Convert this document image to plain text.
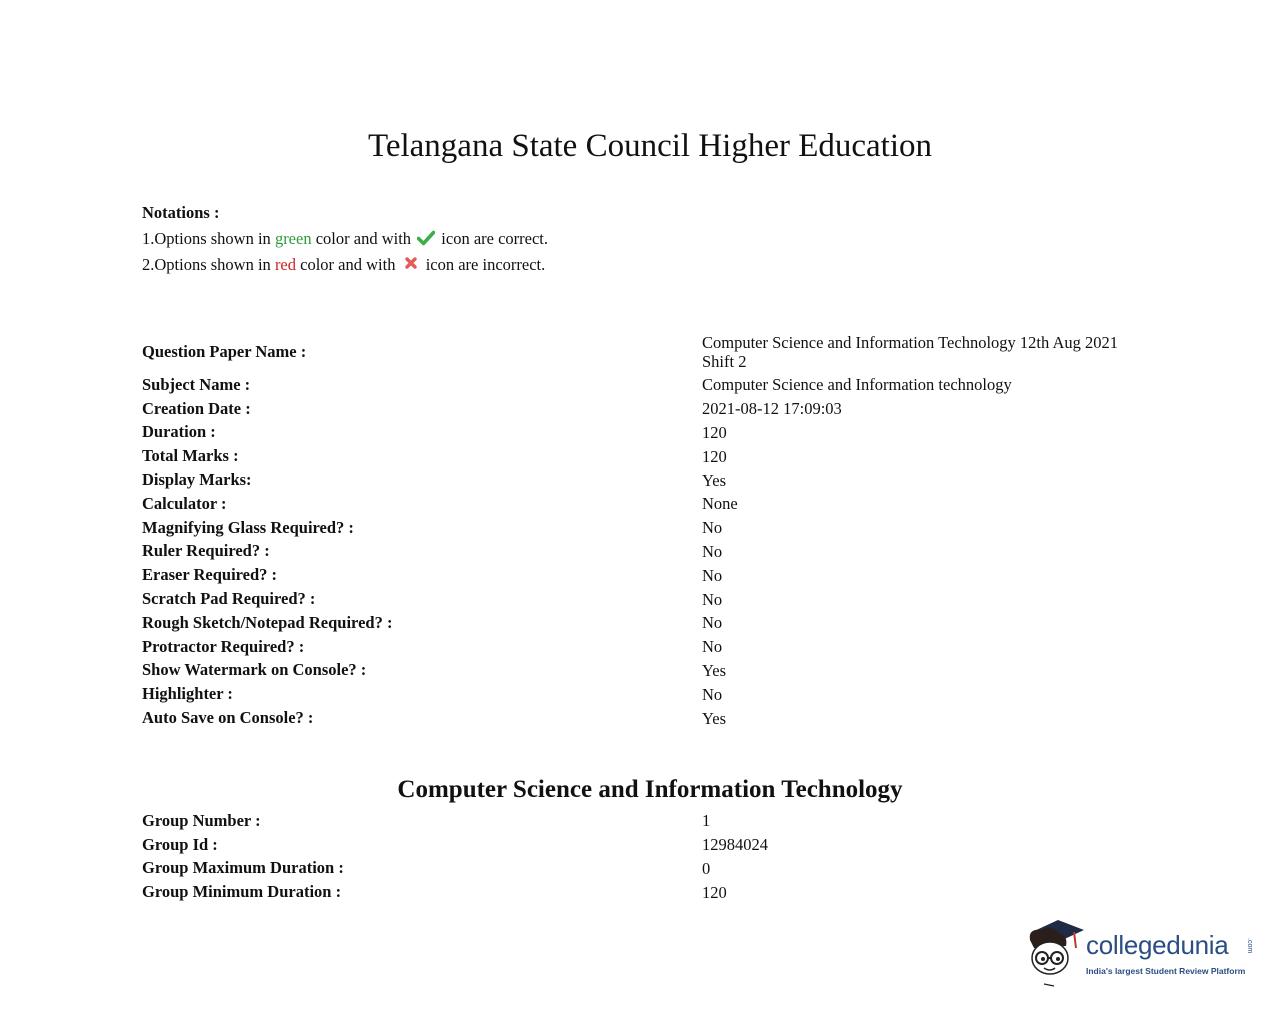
Telangana State Council Higher Education
Notations :
1.Options shown in green color and with icon are correct.
2.Options shown in red color and with icon are incorrect.
Question Paper Name :	Computer Science and Information Technology 12th Aug 2021 Shift 2
Subject Name :	Computer Science and Information technology
Creation Date :	2021-08-12 17:09:03
Duration :	120
Total Marks :	120
Display Marks:	Yes
Calculator :	None
Magnifying Glass Required? :	No
Ruler Required? :	No
Eraser Required? :	No
Scratch Pad Required? :	No
Rough Sketch/Notepad Required? :	No
Protractor Required? :	No
Show Watermark on Console? :	Yes
Highlighter :	No
Auto Save on Console? :	Yes
Computer Science and Information Technology
Group Number :	1
Group Id :	12984024
Group Maximum Duration :	0
Group Minimum Duration :	120
collegedunia	.com
India's largest Student Review Platform
